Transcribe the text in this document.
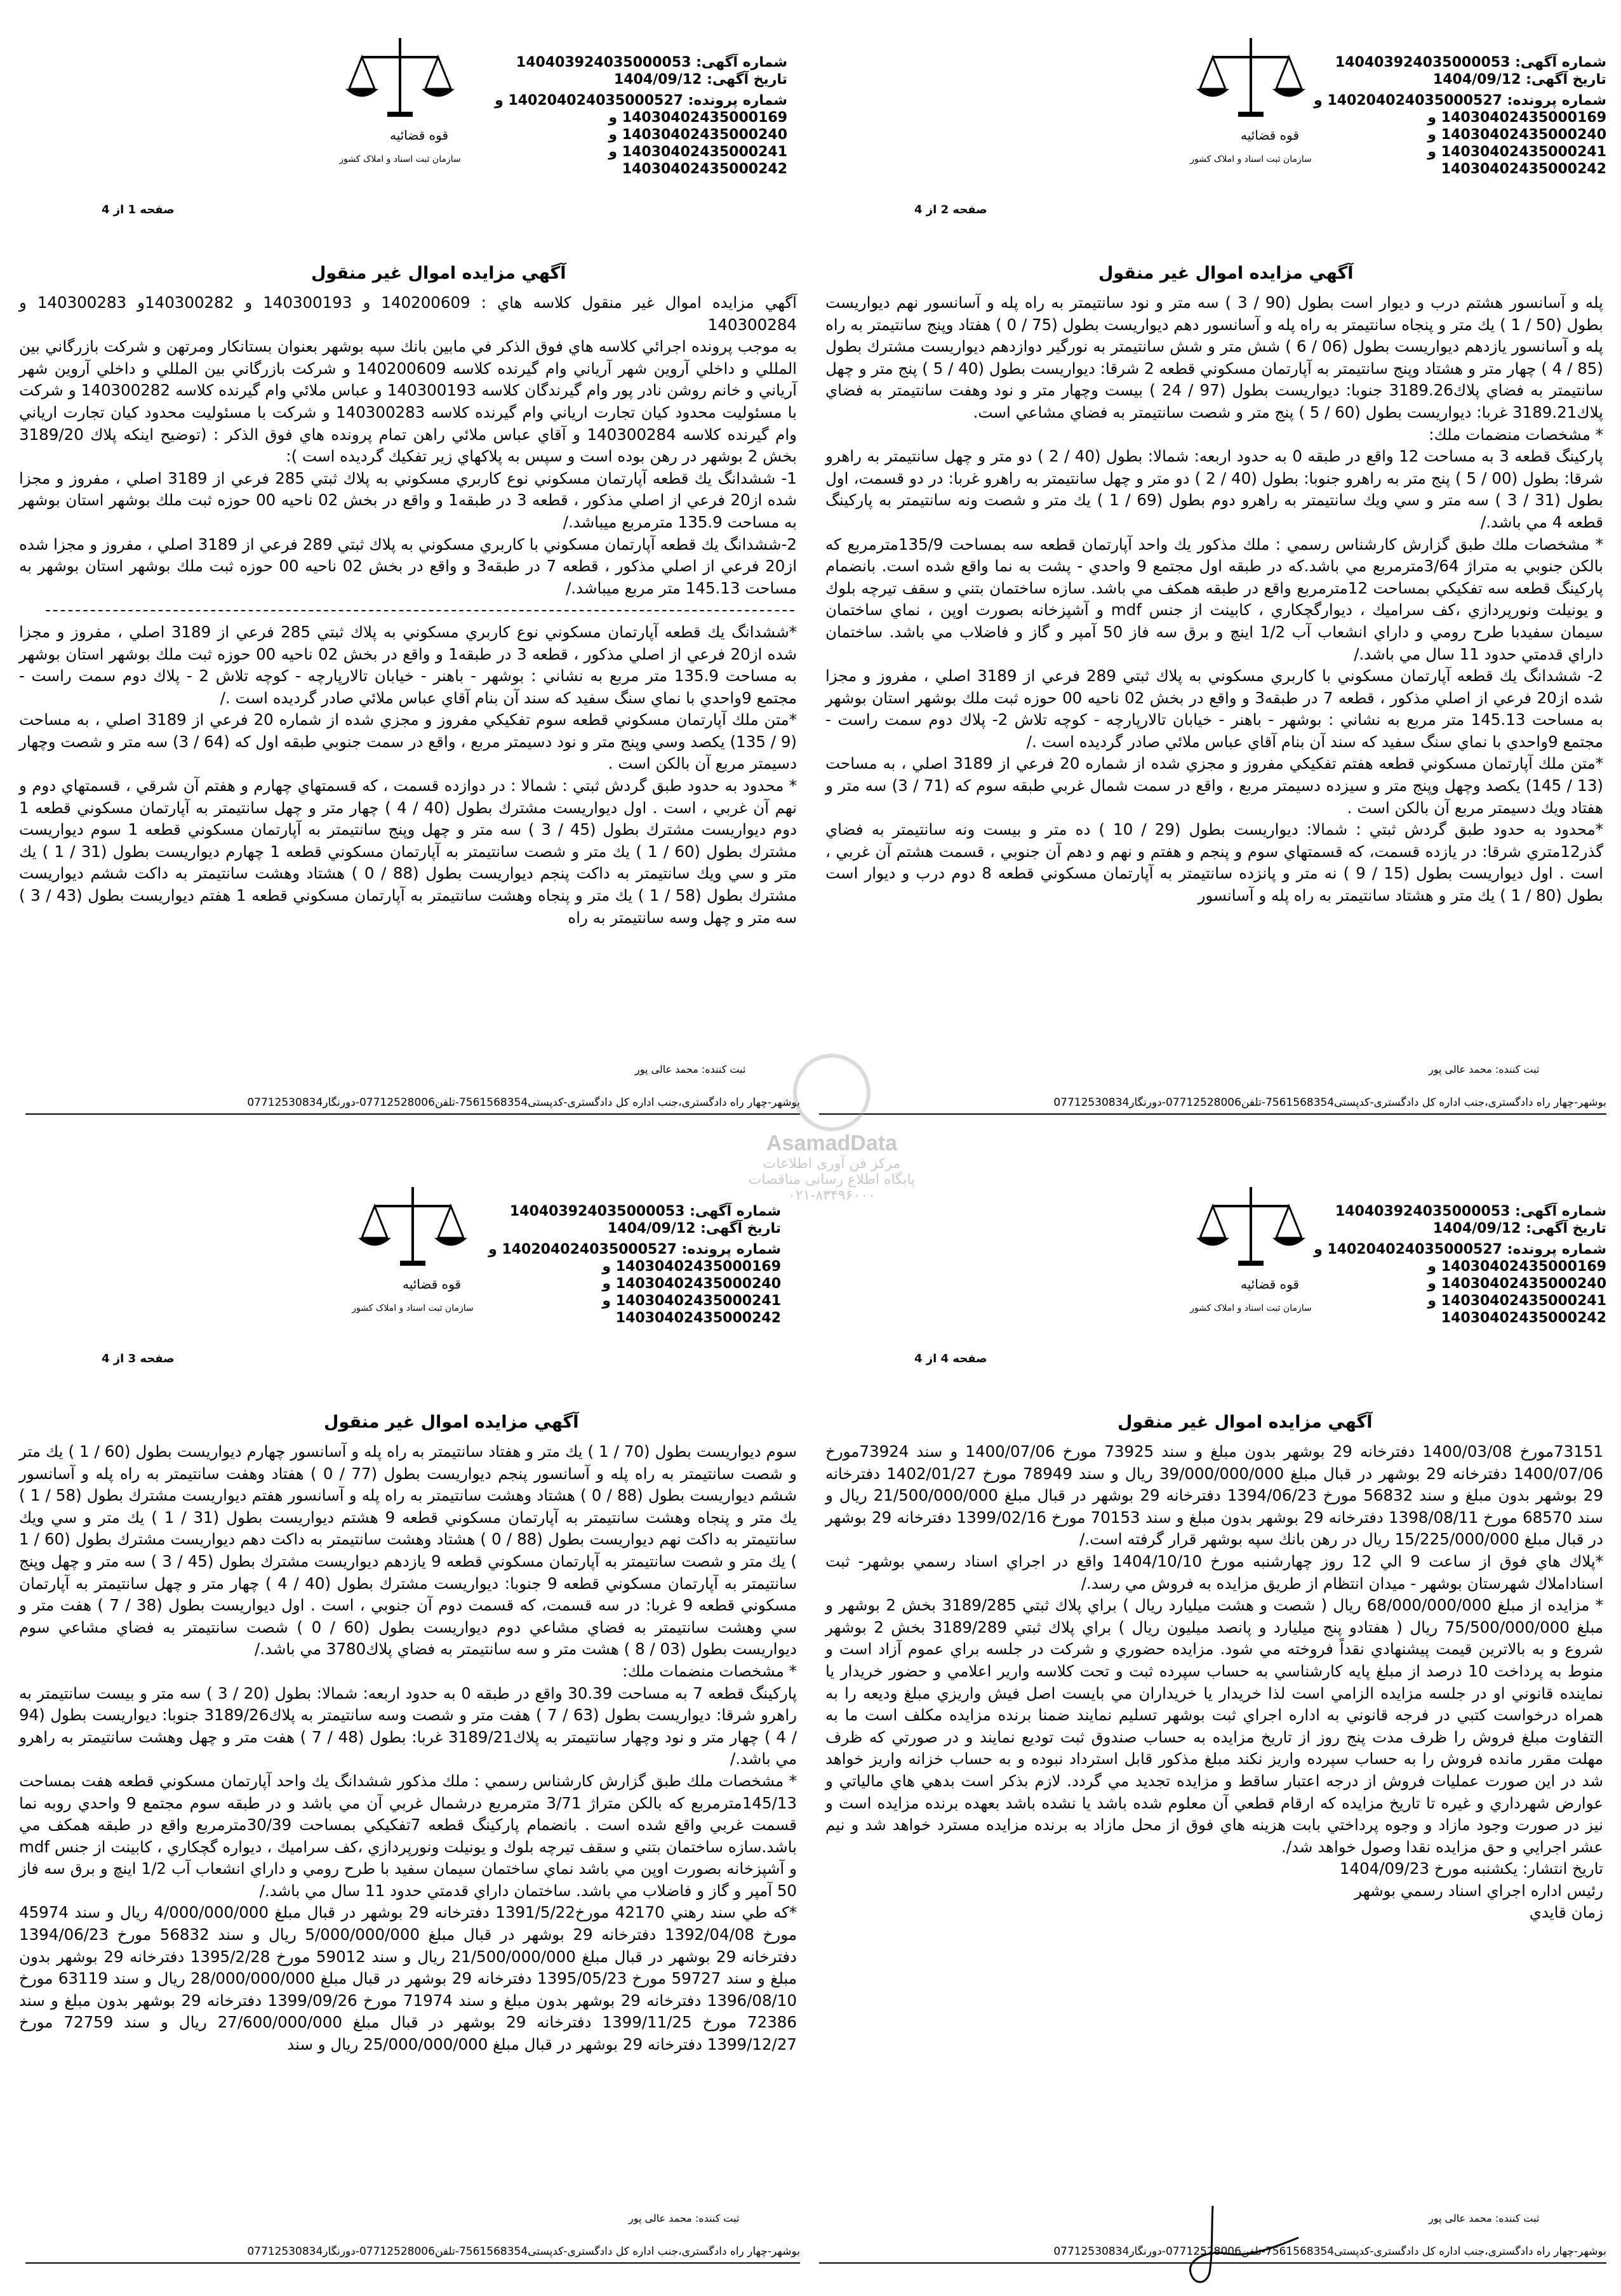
قوه قضائیه
سازمان ثبت اسناد و املاک کشور
شماره آگهی: 140403924035000053
تاریخ آگهی: 1404/09/12
شماره پرونده: 140204024035000527 و
14030402435000169 و
14030402435000240 و
14030402435000241 و
14030402435000242
صفحه 1 از 4
آگهي مزايده اموال غير منقول

آگهي مزايده اموال غير منقول كلاسه هاي : 140200609 و 140300193 و 140300282و 140300283 و 140300284

به موجب پرونده اجرائي كلاسه هاي فوق الذكر في مابين بانك سپه بوشهر بعنوان بستانكار ومرتهن و شركت بازرگاني بين المللي و داخلي آروين شهر آرياني وام گيرنده كلاسه 140200609 و شركت بازرگاني بين المللي و داخلي آروين شهر آرياني و خانم روشن نادر پور وام گيرندگان كلاسه 140300193 و عباس ملائي وام گيرنده كلاسه 140300282 و شركت با مسئوليت محدود كيان تجارت ارياني وام گيرنده كلاسه 140300283 و شركت با مسئوليت محدود كيان تجارت ارياني وام گيرنده كلاسه 140300284 و آقاي عباس ملائي راهن تمام پرونده هاي فوق الذكر : (توضيح اينكه پلاك 3189/20 بخش 2 بوشهر در رهن بوده است و سپس به پلاكهاي زير تفكيك گرديده است ):

1- ششدانگ يك قطعه آپارتمان مسكوني نوع كاربري مسكوني به پلاك ثبتي 285 فرعي از 3189 اصلي ، مفروز و مجزا شده از20 فرعي از اصلي مذكور ، قطعه 3 در طبقه1 و واقع در بخش 02 ناحيه 00 حوزه ثبت ملك بوشهر استان بوشهر به مساحت 135.9 مترمربع ميباشد./

2-ششدانگ يك قطعه آپارتمان مسكوني با كاربري مسكوني به پلاك ثبتي 289 فرعي از 3189 اصلي ، مفروز و مجزا شده از20 فرعي از اصلي مذكور ، قطعه 7 در طبقه3 و واقع در بخش 02 ناحيه 00 حوزه ثبت ملك بوشهر استان بوشهر به مساحت 145.13 متر مربع ميباشد./

----------------------------------------------------------------------------------------------------

*ششدانگ يك قطعه آپارتمان مسكوني نوع كاربري مسكوني به پلاك ثبتي 285 فرعي از 3189 اصلي ، مفروز و مجزا شده از20 فرعي از اصلي مذكور ، قطعه 3 در طبقه1 و واقع در بخش 02 ناحيه 00 حوزه ثبت ملك بوشهر استان بوشهر به مساحت 135.9 متر مربع به نشاني : بوشهر - باهنر - خيابان تالارپارچه - كوچه تلاش 2 - پلاك دوم سمت راست - مجتمع 9واحدي با نماي سنگ سفيد كه سند آن بنام آقاي عباس ملائي صادر گرديده است ./

*متن ملك آپارتمان مسكوني قطعه سوم تفكيكي مفروز و مجزي شده از شماره 20 فرعي از 3189 اصلي ، به مساحت (9 / 135) يكصد وسي وپنج متر و نود دسيمتر مربع ، واقع در سمت جنوبي طبقه اول كه (64 / 3) سه متر و شصت وچهار دسيمتر مربع آن بالكن است .

* محدود به حدود طبق گردش ثبتي : شمالا : در دوازده قسمت ، كه قسمتهاي چهارم و هفتم آن شرقي ، قسمتهاي دوم و نهم آن غربي ، است . اول ديواريست مشترك بطول (40 / 4 ) چهار متر و چهل سانتيمتر به آپارتمان مسكوني قطعه 1 دوم ديواريست مشترك بطول (45 / 3 ) سه متر و چهل وپنج سانتيمتر به آپارتمان مسكوني قطعه 1 سوم ديواريست مشترك بطول (60 / 1 ) يك متر و شصت سانتيمتر به آپارتمان مسكوني قطعه 1 چهارم ديواريست بطول (31 / 1 ) يك متر و سي ويك سانتيمتر به داكت پنجم ديواريست بطول (88 / 0 ) هشتاد وهشت سانتيمتر به داكت ششم ديواريست مشترك بطول (58 / 1 ) يك متر و پنجاه وهشت سانتيمتر به آپارتمان مسكوني قطعه 1 هفتم ديواريست بطول (43 / 3 ) سه متر و چهل وسه سانتيمتر به راه

ثبت کننده: محمد عالی پور
بوشهر-چهار راه دادگستری،جنب اداره کل دادگستری-کدپستی7561568354-تلفن07712528006-دورنگار07712530834
قوه قضائیه
سازمان ثبت اسناد و املاک کشور
شماره آگهی: 140403924035000053
تاریخ آگهی: 1404/09/12
شماره پرونده: 140204024035000527 و
14030402435000169 و
14030402435000240 و
14030402435000241 و
14030402435000242
صفحه 2 از 4
آگهي مزايده اموال غير منقول

پله و آسانسور هشتم درب و ديوار است بطول (90 / 3 ) سه متر و نود سانتيمتر به راه پله و آسانسور نهم ديواريست بطول (50 / 1 ) يك متر و پنجاه سانتيمتر به راه پله و آسانسور دهم ديواريست بطول (75 / 0 ) هفتاد وپنج سانتيمتر به راه پله و آسانسور يازدهم ديواريست بطول (06 / 6 ) شش متر و شش سانتيمتر به نورگير دوازدهم ديواريست مشترك بطول (85 / 4 ) چهار متر و هشتاد وپنج سانتيمتر به آپارتمان مسكوني قطعه 2 شرقا: ديواريست بطول (40 / 5 ) پنج متر و چهل سانتيمتر به فضاي پلاك3189.26 جنوبا: ديواريست بطول (97 / 24 ) بيست وچهار متر و نود وهفت سانتيمتر به فضاي پلاك3189.21 غربا: ديواريست بطول (60 / 5 ) پنج متر و شصت سانتيمتر به فضاي مشاعي است.

* مشخصات منضمات ملك:

پاركينگ قطعه 3 به مساحت 12 واقع در طبقه 0 به حدود اربعه: شمالا: بطول (40 / 2 ) دو متر و چهل سانتيمتر به راهرو شرقا: بطول (00 / 5 ) پنج متر به راهرو جنوبا: بطول (40 / 2 ) دو متر و چهل سانتيمتر به راهرو غربا: در دو قسمت، اول بطول (31 / 3 ) سه متر و سي ويك سانتيمتر به راهرو دوم بطول (69 / 1 ) يك متر و شصت ونه سانتيمتر به پاركينگ قطعه 4 مي باشد./

* مشخصات ملك طبق گزارش كارشناس رسمي : ملك مذكور يك واحد آپارتمان قطعه سه بمساحت 135/9مترمربع كه بالكن جنوبي به متراژ 3/64مترمربع مي باشد.كه در طبقه اول مجتمع 9 واحدي - پشت به نما واقع شده است. بانضمام پاركينگ قطعه سه تفكيكي بمساحت 12مترمربع واقع در طبقه همكف مي باشد. سازه ساختمان بتني و سقف تيرچه بلوك و يونيلت ونورپردازي ،كف سراميك ، ديوارگچكاري ، كابينت از جنس mdf و آشپزخانه بصورت اوپن ، نماي ساختمان سيمان سفيدبا طرح رومي و داراي انشعاب آب 1/2 اينچ و برق سه فاز 50 آمپر و گاز و فاضلاب مي باشد. ساختمان داراي قدمتي حدود 11 سال مي باشد./

2- ششدانگ يك قطعه آپارتمان مسكوني با كاربري مسكوني به پلاك ثبتي 289 فرعي از 3189 اصلي ، مفروز و مجزا شده از20 فرعي از اصلي مذكور ، قطعه 7 در طبقه3 و واقع در بخش 02 ناحيه 00 حوزه ثبت ملك بوشهر استان بوشهر به مساحت 145.13 متر مربع به نشاني : بوشهر - باهنر - خيابان تالارپارچه - كوچه تلاش 2- پلاك دوم سمت راست - مجتمع 9واحدي با نماي سنگ سفيد كه سند آن بنام آقاي عباس ملائي صادر گرديده است ./

*متن ملك آپارتمان مسكوني قطعه هفتم تفكيكي مفروز و مجزي شده از شماره 20 فرعي از 3189 اصلي ، به مساحت (13 / 145) يكصد وچهل وپنج متر و سيزده دسيمتر مربع ، واقع در سمت شمال غربي طبقه سوم كه (71 / 3) سه متر و هفتاد ويك دسيمتر مربع آن بالكن است .

*محدود به حدود طبق گردش ثبتي : شمالا: ديواريست بطول (29 / 10 ) ده متر و بيست ونه سانتيمتر به فضاي گذر12متري شرقا: در يازده قسمت، كه قسمتهاي سوم و پنجم و هفتم و نهم و دهم آن جنوبي ، قسمت هشتم آن غربي ، است . اول ديواريست بطول (15 / 9 ) نه متر و پانزده سانتيمتر به آپارتمان مسكوني قطعه 8 دوم درب و ديوار است بطول (80 / 1 ) يك متر و هشتاد سانتيمتر به راه پله و آسانسور

ثبت کننده: محمد عالی پور
بوشهر-چهار راه دادگستری،جنب اداره کل دادگستری-کدپستی7561568354-تلفن07712528006-دورنگار07712530834
قوه قضائیه
سازمان ثبت اسناد و املاک کشور
شماره آگهی: 140403924035000053
تاریخ آگهی: 1404/09/12
شماره پرونده: 140204024035000527 و
14030402435000169 و
14030402435000240 و
14030402435000241 و
14030402435000242
صفحه 3 از 4
آگهي مزايده اموال غير منقول

سوم ديواريست بطول (70 / 1 ) يك متر و هفتاد سانتيمتر به راه پله و آسانسور چهارم ديواريست بطول (60 / 1 ) يك متر و شصت سانتيمتر به راه پله و آسانسور پنجم ديواريست بطول (77 / 0 ) هفتاد وهفت سانتيمتر به راه پله و آسانسور ششم ديواريست بطول (88 / 0 ) هشتاد وهشت سانتيمتر به راه پله و آسانسور هفتم ديواريست مشترك بطول (58 / 1 ) يك متر و پنجاه وهشت سانتيمتر به آپارتمان مسكوني قطعه 9 هشتم ديواريست بطول (31 / 1 ) يك متر و سي ويك سانتيمتر به داكت نهم ديواريست بطول (88 / 0 ) هشتاد وهشت سانتيمتر به داكت دهم ديواريست مشترك بطول (60 / 1 ) يك متر و شصت سانتيمتر به آپارتمان مسكوني قطعه 9 يازدهم ديواريست مشترك بطول (45 / 3 ) سه متر و چهل وپنج سانتيمتر به آپارتمان مسكوني قطعه 9 جنوبا: ديواريست مشترك بطول (40 / 4 ) چهار متر و چهل سانتيمتر به آپارتمان مسكوني قطعه 9 غربا: در سه قسمت، كه قسمت دوم آن جنوبي ، است . اول ديواريست بطول (38 / 7 ) هفت متر و سي وهشت سانتيمتر به فضاي مشاعي دوم ديواريست بطول (60 / 0 ) شصت سانتيمتر به فضاي مشاعي سوم ديواريست بطول (03 / 8 ) هشت متر و سه سانتيمتر به فضاي پلاك3780 مي باشد./

* مشخصات منضمات ملك:

پاركينگ قطعه 7 به مساحت 30.39 واقع در طبقه 0 به حدود اربعه: شمالا: بطول (20 / 3 ) سه متر و بيست سانتيمتر به راهرو شرقا: ديواريست بطول (63 / 7 ) هفت متر و شصت وسه سانتيمتر به پلاك3189/26 جنوبا: ديواريست بطول (94 / 4 ) چهار متر و نود وچهار سانتيمتر به پلاك3189/21 غربا: بطول (48 / 7 ) هفت متر و چهل وهشت سانتيمتر به راهرو مي باشد./

* مشخصات ملك طبق گزارش كارشناس رسمي : ملك مذكور ششدانگ يك واحد آپارتمان مسكوني قطعه هفت بمساحت 145/13مترمربع كه بالكن متراژ 3/71 مترمربع درشمال غربي آن مي باشد و در طبقه سوم مجتمع 9 واحدي روبه نما قسمت غربي واقع شده است . بانضمام پاركينگ قطعه 7تفكيكي بمساحت 30/39مترمربع واقع در طبقه همكف مي باشد.سازه ساختمان بتني و سقف تيرچه بلوك و يونيلت ونورپردازي ،كف سراميك ، ديواره گچكاري ، كابينت از جنس mdf و آشپزخانه بصورت اوپن مي باشد نماي ساختمان سيمان سفيد با طرح رومي و داراي انشعاب آب 1/2 اينچ و برق سه فاز 50 آمپر و گاز و فاضلاب مي باشد. ساختمان داراي قدمتي حدود 11 سال مي باشد./

*كه طي سند رهني 42170 مورخ1391/5/22 دفترخانه 29 بوشهر در قبال مبلغ 4/000/000/000 ريال و سند 45974 مورخ 1392/04/08 دفترخانه 29 بوشهر در قبال مبلغ 5/000/000/000 ريال و سند 56832 مورخ 1394/06/23 دفترخانه 29 بوشهر در قبال مبلغ 21/500/000/000 ريال و سند 59012 مورخ 1395/2/28 دفترخانه 29 بوشهر بدون مبلغ و سند 59727 مورخ 1395/05/23 دفترخانه 29 بوشهر در قبال مبلغ 28/000/000/000 ريال و سند 63119 مورخ 1396/08/10 دفترخانه 29 بوشهر بدون مبلغ و سند 71974 مورخ 1399/09/26 دفترخانه 29 بوشهر بدون مبلغ و سند 72386 مورخ 1399/11/25 دفترخانه 29 بوشهر در قبال مبلغ 27/600/000/000 ريال و سند 72759 مورخ 1399/12/27 دفترخانه 29 بوشهر در قبال مبلغ 25/000/000/000 ريال و سند

ثبت کننده: محمد عالی پور
بوشهر-چهار راه دادگستری،جنب اداره کل دادگستری-کدپستی7561568354-تلفن07712528006-دورنگار07712530834
قوه قضائیه
سازمان ثبت اسناد و املاک کشور
شماره آگهی: 140403924035000053
تاریخ آگهی: 1404/09/12
شماره پرونده: 140204024035000527 و
14030402435000169 و
14030402435000240 و
14030402435000241 و
14030402435000242
صفحه 4 از 4
آگهي مزايده اموال غير منقول

73151مورخ 1400/03/08 دفترخانه 29 بوشهر بدون مبلغ و سند 73925 مورخ 1400/07/06 و سند 73924مورخ 1400/07/06 دفترخانه 29 بوشهر در قبال مبلغ 39/000/000/000 ريال و سند 78949 مورخ 1402/01/27 دفترخانه 29 بوشهر بدون مبلغ و سند 56832 مورخ 1394/06/23 دفترخانه 29 بوشهر در قبال مبلغ 21/500/000/000 ريال و سند 68570 مورخ 1398/08/11 دفترخانه 29 بوشهر بدون مبلغ و سند 70153 مورخ 1399/02/16 دفترخانه 29 بوشهر در قبال مبلغ 15/225/000/000 ريال در رهن بانك سپه بوشهر قرار گرفته است./

*پلاك هاي فوق از ساعت 9 الي 12 روز چهارشنبه مورخ 1404/10/10 واقع در اجراي اسناد رسمي بوشهر- ثبت اسناداملاك شهرستان بوشهر - ميدان انتظام از طريق مزايده به فروش مي رسد./

* مزايده از مبلغ 68/000/000/000 ريال ( شصت و هشت ميليارد ريال ) براي پلاك ثبتي 3189/285 بخش 2 بوشهر و مبلغ 75/500/000/000 ريال ( هفتادو پنج ميليارد و پانصد ميليون ريال ) براي پلاك ثبتي 3189/289 بخش 2 بوشهر شروع و به بالاترين قيمت پيشنهادي نقداً فروخته مي شود. مزايده حضوري و شركت در جلسه براي عموم آزاد است و منوط به پرداخت 10 درصد از مبلغ پايه كارشناسي به حساب سپرده ثبت و تحت كلاسه وارير اعلامي و حضور خريدار يا نماينده قانوني او در جلسه مزايده الزامي است لذا خريدار يا خريداران مي بايست اصل فيش واريزي مبلغ وديعه را به همراه درخواست كتبي در فرجه قانوني به اداره اجراي ثبت بوشهر تسليم نمايند ضمنا برنده مزايده مكلف است ما به التفاوت مبلغ فروش را ظرف مدت پنج روز از تاريخ مزايده به حساب صندوق ثبت توديع نمايند و در صورتي كه ظرف مهلت مقرر مانده فروش را به حساب سپرده واريز نكند مبلغ مذكور قابل استرداد نبوده و به حساب خزانه واريز خواهد شد در اين صورت عمليات فروش از درجه اعتبار ساقط و مزايده تجديد مي گردد. لازم بذكر است بدهي هاي مالياتي و عوارض شهرداري و غيره تا تاريخ مزايده كه ارقام قطعي آن معلوم شده باشد يا نشده باشد بعهده برنده مزايده است و نيز در صورت وجود مازاد و وجوه پرداختي بابت هزينه هاي فوق از محل مازاد به برنده مزايده مسترد خواهد شد و نيم عشر اجرايي و حق مزايده نقدا وصول خواهد شد/.

تاريخ انتشار: يكشنبه مورخ 1404/09/23

رئيس اداره اجراي اسناد رسمي بوشهر

زمان قايدي

ثبت کننده: محمد عالی پور
بوشهر-چهار راه دادگستری،جنب اداره کل دادگستری-کدپستی7561568354-تلفن07712528006-دورنگار07712530834
AsamadData
مرکز فن آوری اطلاعات
پایگاه اطلاع رسانی مناقصات
۰۲۱-۸۳۴۹۶۰۰۰
